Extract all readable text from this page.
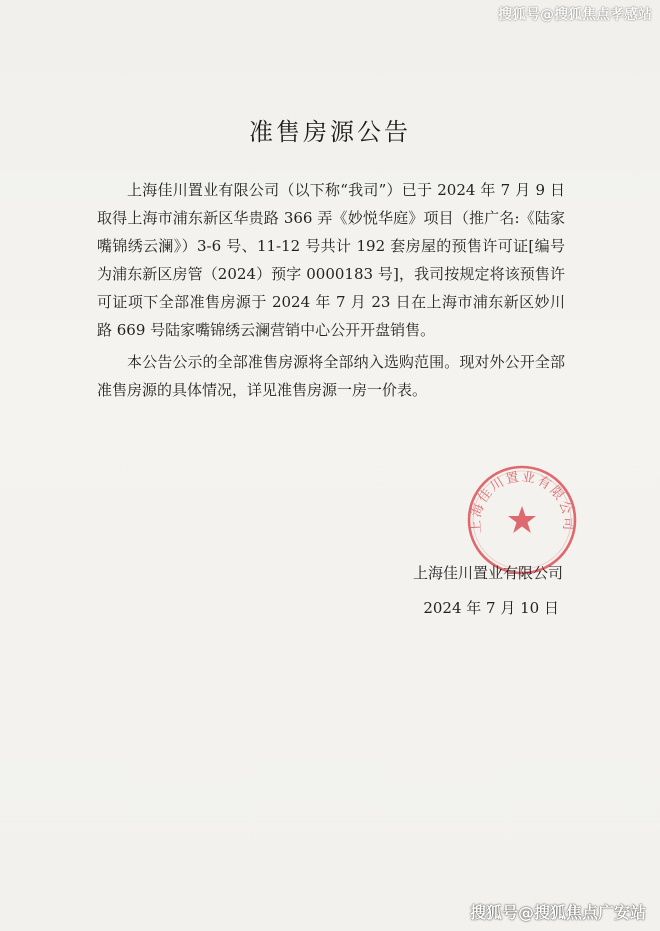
搜狐号@搜狐焦点孝感站
准售房源公告

上海佳川置业有限公司（以下称“我司”）已于 2024 年 7 月 9 日取得上海市浦东新区华贵路 366 弄《妙悦华庭》项目（推广名:《陆家嘴锦绣云澜》）3-6 号、11-12 号共计 192 套房屋的预售许可证[编号为浦东新区房管（2024）预字 0000183 号]，我司按规定将该预售许可证项下全部准售房源于 2024 年 7 月 23 日在上海市浦东新区妙川路 669 号陆家嘴锦绣云澜营销中心公开开盘销售。

本公告公示的全部准售房源将全部纳入选购范围。现对外公开全部准售房源的具体情况，详见准售房源一房一价表。

上海佳川置业有限公司
上海佳川置业有限公司
2024 年 7 月 10 日
搜狐号@搜狐焦点广安站
